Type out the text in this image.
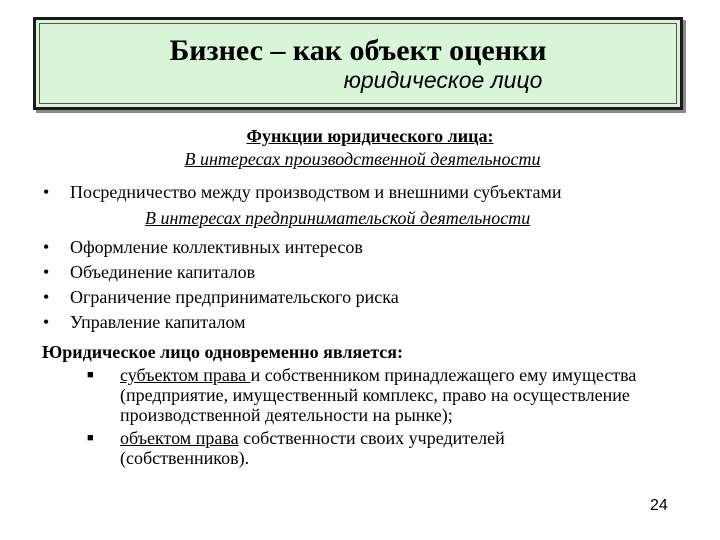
Бизнес – как объект оценки
юридическое лицо
Функции юридического лица:
В интересах производственной деятельности
• Посредничество между производством и внешними субъектами
В интересах предпринимательской деятельности
• Оформление коллективных интересов
• Объединение капиталов
• Ограничение предпринимательского риска
• Управление капиталом
Юридическое лицо одновременно является:
■ субъектом права и собственником принадлежащего ему имущества (предприятие, имущественный комплекс, право на осуществление производственной деятельности на рынке);
■ объектом права собственности своих учредителей (собственников).
24
